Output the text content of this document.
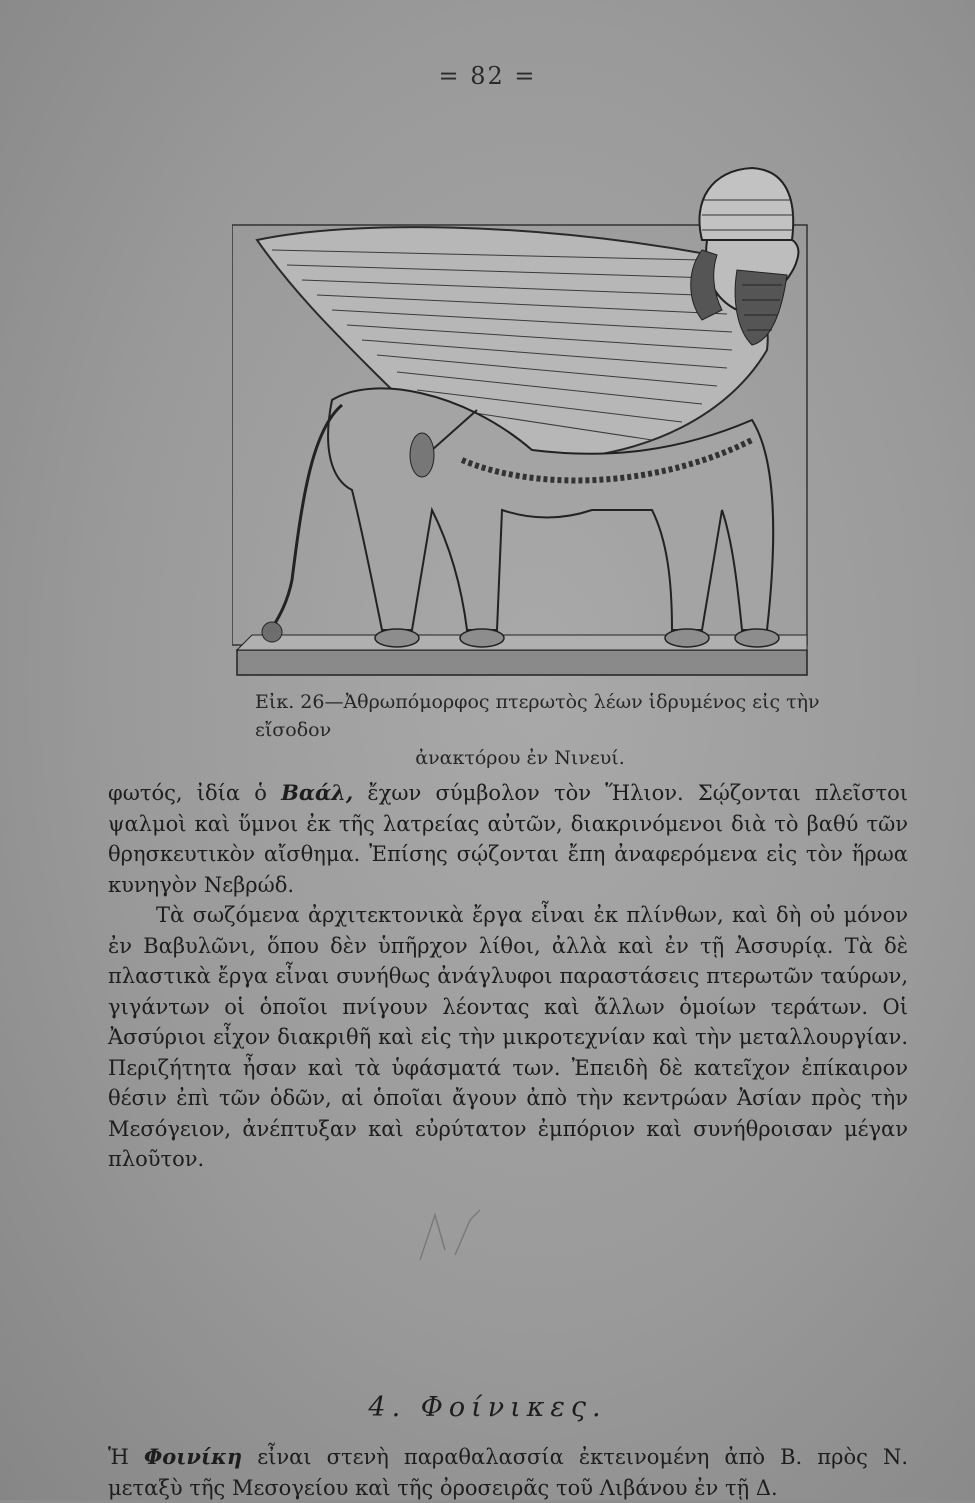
= 82 =
Εἰκ. 26—Ἀθρωπόμορφος πτερωτὸς λέων ἱδρυμένος εἰς τὴν εἴσοδον
ἀνακτόρου ἐν Νινευί.

φωτός, ἰδία ὁ Βαάλ, ἔχων σύμβολον τὸν Ἥλιον. Σῴζονται πλεῖστοι ψαλμοὶ καὶ ὕμνοι ἐκ τῆς λατρείας αὐτῶν, διακρινόμενοι διὰ τὸ βαθύ τῶν θρησκευτικὸν αἴσθημα. Ἐπίσης σῴζονται ἔπη ἀναφερόμενα εἰς τὸν ἥρωα κυνηγὸν Νεβρώδ.

Τὰ σωζόμενα ἀρχιτεκτονικὰ ἔργα εἶναι ἐκ πλίνθων, καὶ δὴ οὐ μόνον ἐν Βαβυλῶνι, ὅπου δὲν ὑπῆρχον λίθοι, ἀλλὰ καὶ ἐν τῇ Ἀσσυρίᾳ. Τὰ δὲ πλαστικὰ ἔργα εἶναι συνήθως ἀνάγλυφοι παραστάσεις πτερωτῶν ταύρων, γιγάντων οἱ ὁποῖοι πνίγουν λέοντας καὶ ἄλλων ὁμοίων τεράτων. Οἱ Ἀσσύριοι εἶχον διακριθῆ καὶ εἰς τὴν μικροτεχνίαν καὶ τὴν μεταλλουργίαν. Περιζήτητα ἦσαν καὶ τὰ ὑφάσματά των. Ἐπειδὴ δὲ κατεῖχον ἐπίκαιρον θέσιν ἐπὶ τῶν ὁδῶν, αἱ ὁποῖαι ἄγουν ἀπὸ τὴν κεντρώαν Ἀσίαν πρὸς τὴν Μεσόγειον, ἀνέπτυξαν καὶ εὐρύτατον ἐμπόριον καὶ συνήθροισαν μέγαν πλοῦτον.

4. Φοίνικες.

Ἡ Φοινίκη εἶναι στενὴ παραθαλασσία ἐκτεινομένη ἀπὸ Β. πρὸς Ν. μεταξὺ τῆς Μεσογείου καὶ τῆς ὀροσειρᾶς τοῦ Λιβάνου ἐν τῇ Δ.
